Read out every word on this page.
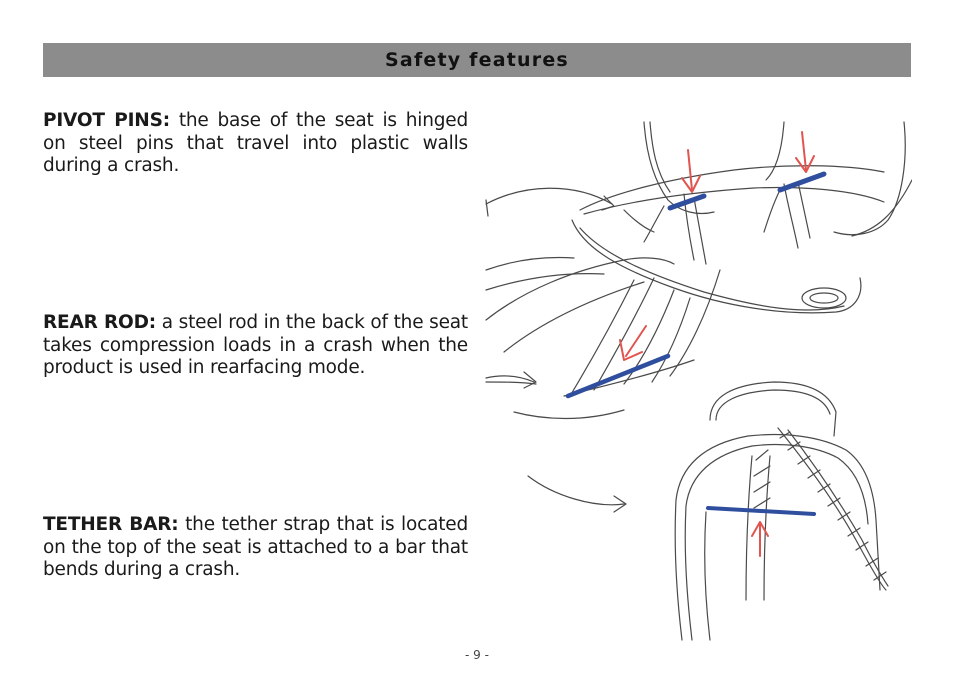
Safety features
PIVOT PINS: the base of the seat is hinged on steel pins that travel into plastic walls during a crash.
REAR ROD: a steel rod in the back of the seat takes compression loads in a crash when the product is used in rearfacing mode.
TETHER BAR: the tether strap that is located on the top of the seat is attached to a bar that bends during a crash.
- 9 -
